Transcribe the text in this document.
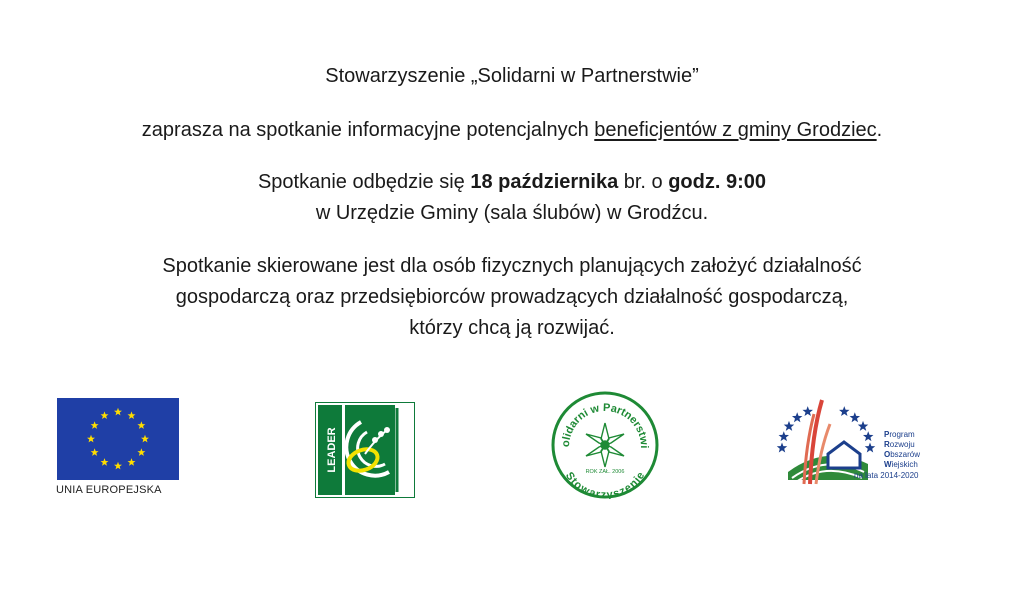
Stowarzyszenie „Solidarni w Partnerstwie”
zaprasza na spotkanie informacyjne potencjalnych beneficjentów z gminy Grodziec.
Spotkanie odbędzie się 18 października br. o godz. 9:00
w Urzędzie Gminy (sala ślubów) w Grodźcu.
Spotkanie skierowane jest dla osób fizycznych planujących założyć działalność
gospodarczą oraz przedsiębiorców prowadzących działalność gospodarczą,
którzy chcą ją rozwijać.
UNIA EUROPEJSKA
LEADER	olidarni w Partnerstwi
Stowarzyszenie
ROK ZAŁ. 2006
Program
Rozwoju
Obszarów
Wiejskich
na lata 2014-2020
